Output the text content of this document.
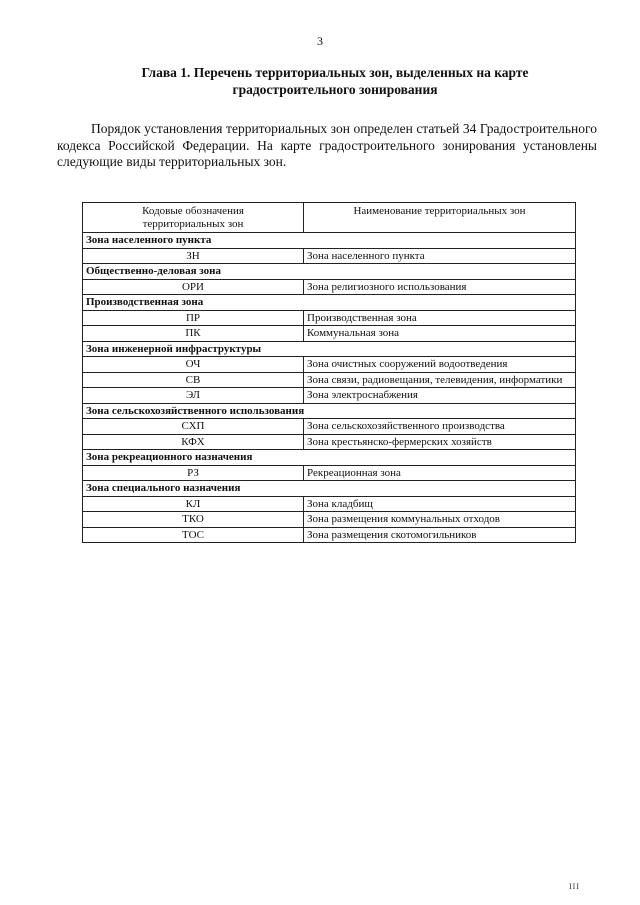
3
Глава 1. Перечень территориальных зон, выделенных на карте
градостроительного зонирования
Порядок установления территориальных зон определен статьей 34 Градостроительного кодекса Российской Федерации. На карте градостроительного зонирования установлены следующие виды территориальных зон.
Кодовые обозначения
территориальных зон	Наименование территориальных зон
Зона населенного пункта	
ЗН	Зона населенного пункта
Общественно-деловая зона	
ОРИ	Зона религиозного использования
Производственная зона	
ПР	Производственная зона
ПК	Коммунальная зона
Зона инженерной инфраструктуры	
ОЧ	Зона очистных сооружений водоотведения
СВ	Зона связи, радиовещания, телевидения, информатики
ЭЛ	Зона электроснабжения
Зона сельскохозяйственного использования	
СХП	Зона сельскохозяйственного производства
КФХ	Зона крестьянско-фермерских хозяйств
Зона рекреационного назначения	
РЗ	Рекреационная зона
Зона специального назначения	
КЛ	Зона кладбищ
ТКО	Зона размещения коммунальных отходов
ТОС	Зона размещения скотомогильников
III
